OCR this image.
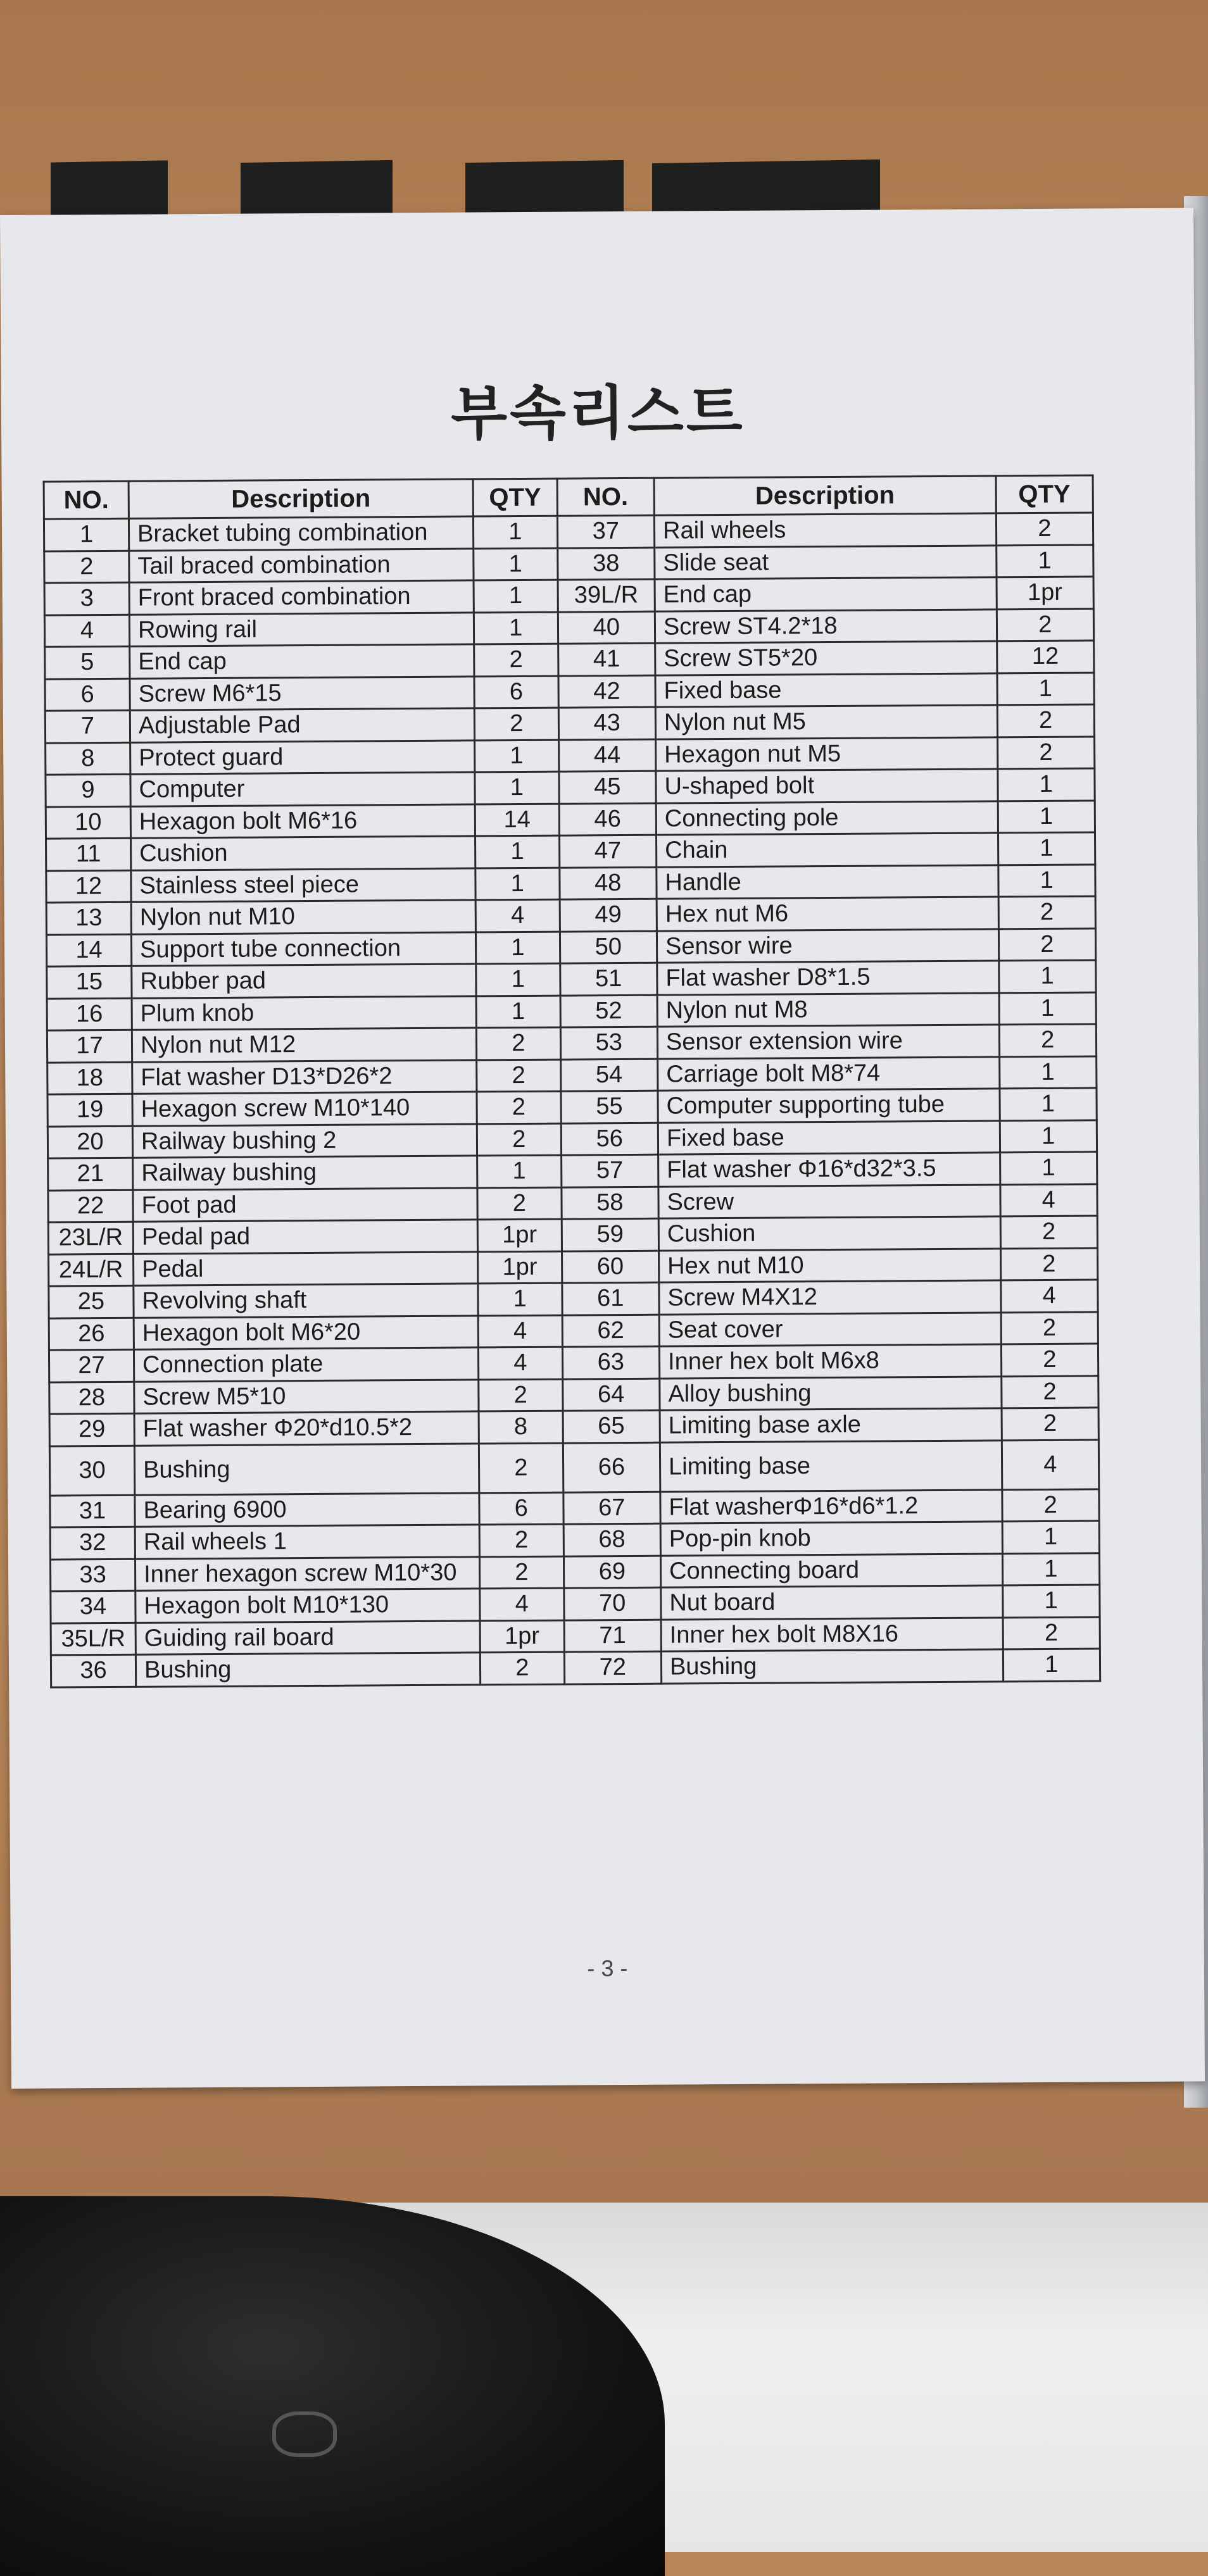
부속리스트
NO.	Description	QTY	NO.	Description	QTY
1	Bracket tubing combination	1	37	Rail wheels	2
2	Tail braced combination	1	38	Slide seat	1
3	Front braced combination	1	39L/R	End cap	1pr
4	Rowing rail	1	40	Screw ST4.2*18	2
5	End cap	2	41	Screw ST5*20	12
6	Screw M6*15	6	42	Fixed base	1
7	Adjustable Pad	2	43	Nylon nut M5	2
8	Protect guard	1	44	Hexagon nut M5	2
9	Computer	1	45	U-shaped bolt	1
10	Hexagon bolt M6*16	14	46	Connecting pole	1
11	Cushion	1	47	Chain	1
12	Stainless steel piece	1	48	Handle	1
13	Nylon nut M10	4	49	Hex nut M6	2
14	Support tube connection	1	50	Sensor wire	2
15	Rubber pad	1	51	Flat washer D8*1.5	1
16	Plum knob	1	52	Nylon nut M8	1
17	Nylon nut M12	2	53	Sensor extension wire	2
18	Flat washer D13*D26*2	2	54	Carriage bolt M8*74	1
19	Hexagon screw M10*140	2	55	Computer supporting tube	1
20	Railway bushing 2	2	56	Fixed base	1
21	Railway bushing	1	57	Flat washer Φ16*d32*3.5	1
22	Foot pad	2	58	Screw	4
23L/R	Pedal pad	1pr	59	Cushion	2
24L/R	Pedal	1pr	60	Hex nut M10	2
25	Revolving shaft	1	61	Screw M4X12	4
26	Hexagon bolt M6*20	4	62	Seat cover	2
27	Connection plate	4	63	Inner hex bolt M6x8	2
28	Screw M5*10	2	64	Alloy bushing	2
29	Flat washer Φ20*d10.5*2	8	65	Limiting base axle	2
30	Bushing	2	66	Limiting base	4
31	Bearing 6900	6	67	Flat washerΦ16*d6*1.2	2
32	Rail wheels 1	2	68	Pop-pin knob	1
33	Inner hexagon screw M10*30	2	69	Connecting board	1
34	Hexagon bolt M10*130	4	70	Nut board	1
35L/R	Guiding rail board	1pr	71	Inner hex bolt M8X16	2
36	Bushing	2	72	Bushing	1
- 3 -
